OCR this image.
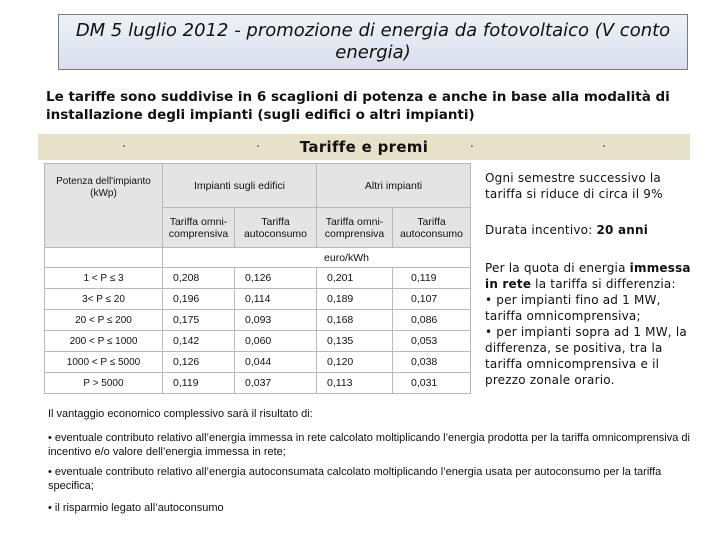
DM 5 luglio 2012 - promozione di energia da fotovoltaico (V conto energia)
Le tariffe sono suddivise in 6 scaglioni di potenza e anche in base alla modalità di installazione degli impianti (sugli edifici o altri impianti)
.	.	Tariffe e premi	.	.
Potenza dell'impianto (kWp)	Impianti sugli edifici		Altri impianti	
	Tariffa omni-comprensiva	Tariffa autoconsumo	Tariffa omni-comprensiva	Tariffa autoconsumo
	euro/kWh			
1 < P ≤ 3	0,208	0,126	0,201	0,119
3< P ≤ 20	0,196	0,114	0,189	0,107
20 < P ≤ 200	0,175	0,093	0,168	0,086
200 < P ≤ 1000	0,142	0,060	0,135	0,053
1000 < P ≤ 5000	0,126	0,044	0,120	0,038
P > 5000	0,119	0,037	0,113	0,031
Ogni semestre successivo la tariffa si riduce di circa il 9%
Durata incentivo: 20 anni
Per la quota di energia immessa in rete la tariffa si differenzia:
• per impianti fino ad 1 MW, tariffa omnicomprensiva;
• per impianti sopra ad 1 MW, la differenza, se positiva, tra la tariffa omnicomprensiva e il prezzo zonale orario.
Il vantaggio economico complessivo sarà il risultato di:
• eventuale contributo relativo all’energia immessa in rete calcolato moltiplicando l’energia prodotta per la tariffa omnicomprensiva di incentivo e/o valore dell’energia immessa in rete;
• eventuale contributo relativo all’energia autoconsumata calcolato moltiplicando l’energia usata per autoconsumo per la tariffa specifica;
• il risparmio legato all’autoconsumo
